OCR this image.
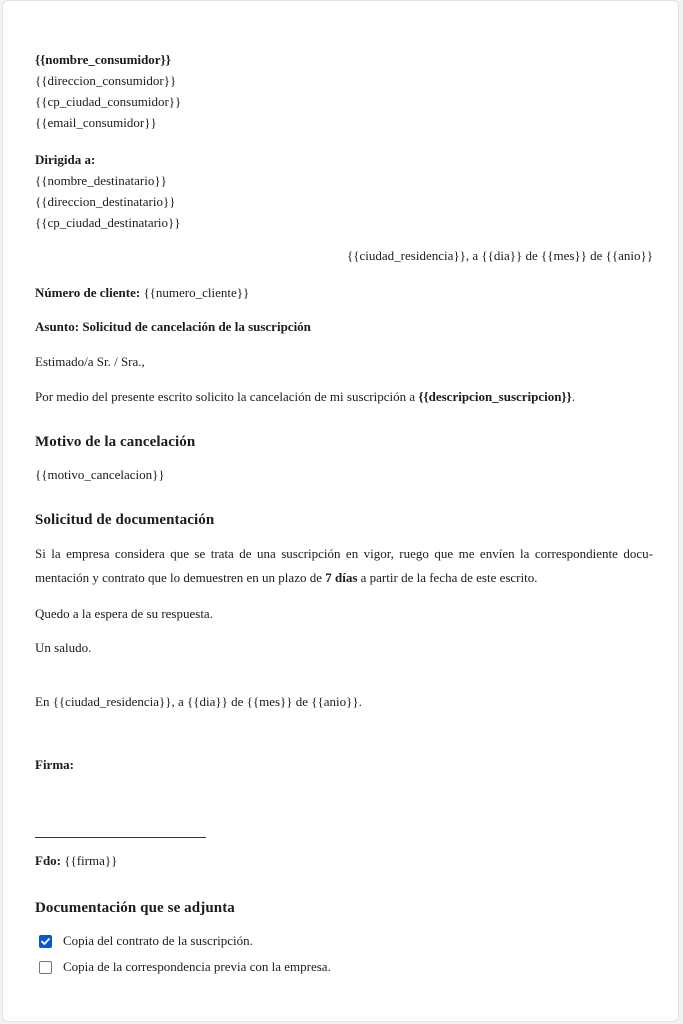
{{nombre_consumidor}}

{{direccion_consumidor}}

{{cp_ciudad_consumidor}}

{{email_consumidor}}

Dirigida a:

{{nombre_destinatario}}

{{direccion_destinatario}}

{{cp_ciudad_destinatario}}

{{ciudad_residencia}}, a {{dia}} de {{mes}} de {{anio}}

Número de cliente: {{numero_cliente}}

Asunto: Solicitud de cancelación de la suscripción

Estimado/a Sr. / Sra.,

Por medio del presente escrito solicito la cancelación de mi suscripción a {{descripcion_suscripcion}}.

Motivo de la cancelación

{{motivo_cancelacion}}

Solicitud de documentación

Si la empresa considera que se trata de una suscripción en vigor, ruego que me envíen la correspondiente documentación y contrato que lo demuestren en un plazo de 7 días a partir de la fecha de este escrito.

Quedo a la espera de su respuesta.

Un saludo.

En {{ciudad_residencia}}, a {{dia}} de {{mes}} de {{anio}}.

Firma:

Fdo: {{firma}}

Documentación que se adjunta
Copia del contrato de la suscripción.
Copia de la correspondencia previa con la empresa.
